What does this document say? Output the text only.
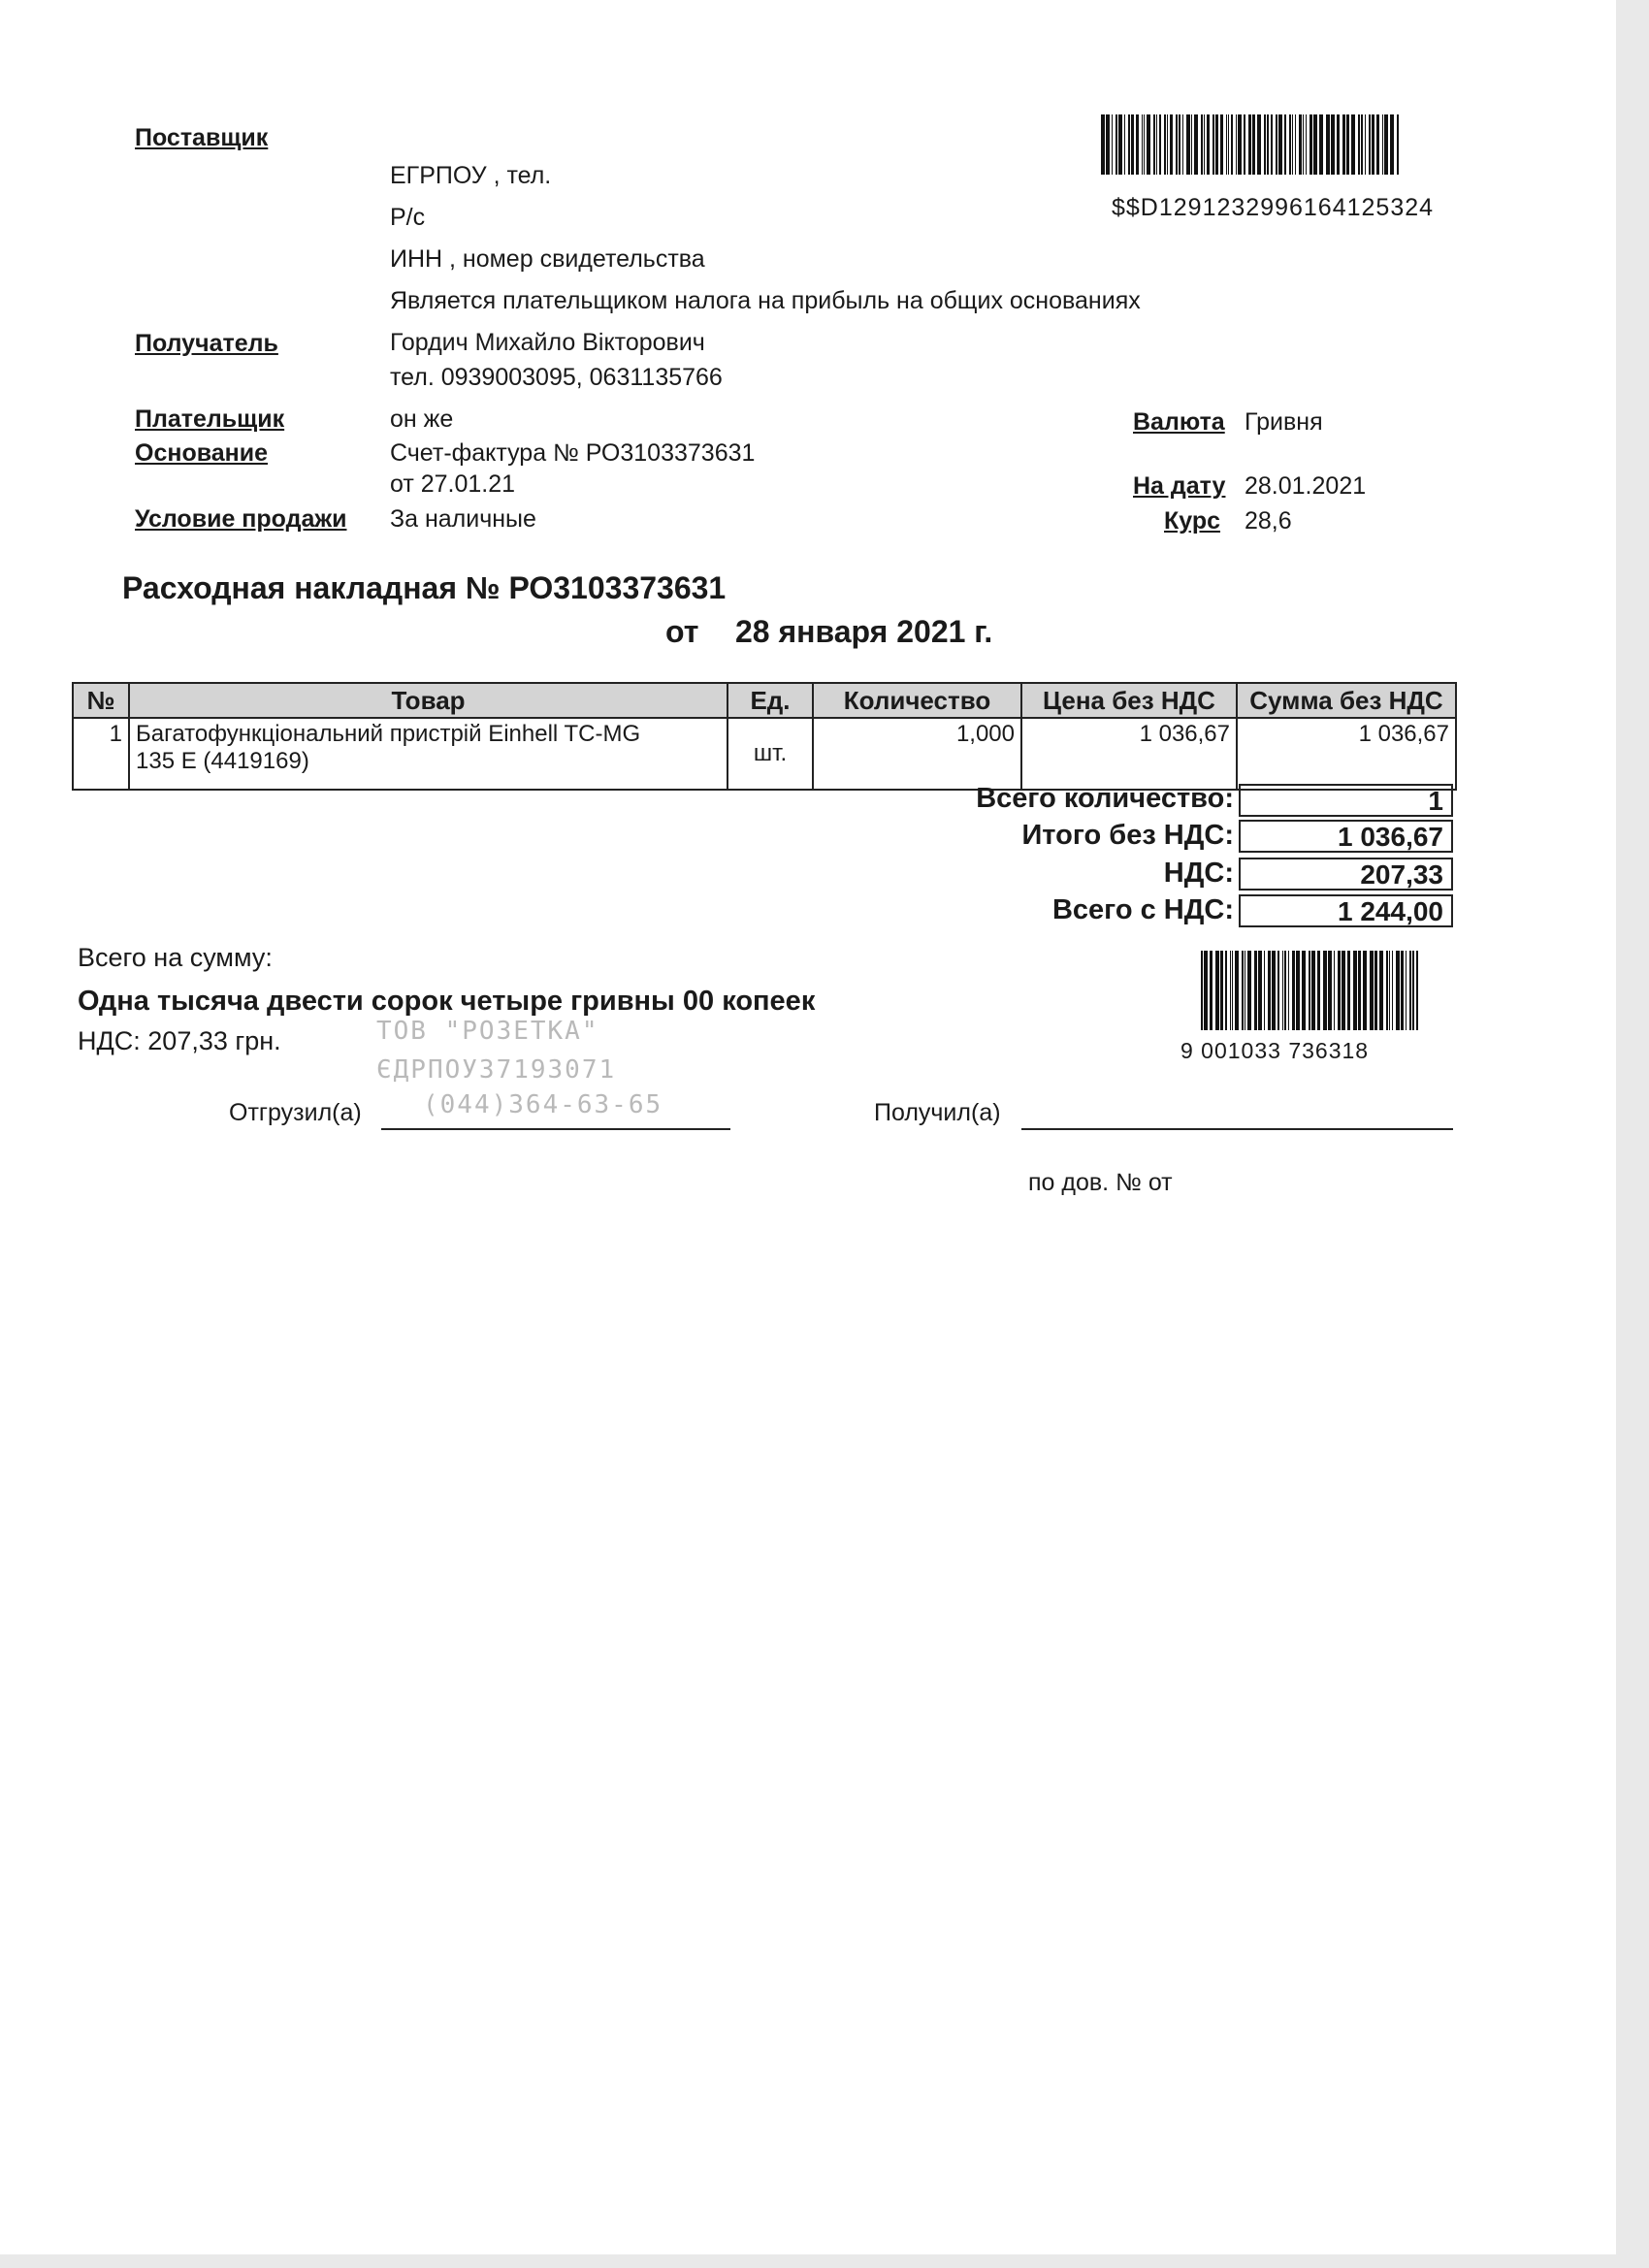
Поставщик
ЕГРПОУ , тел.
Р/с
ИНН , номер свидетельства
Является плательщиком налога на прибыль на общих основаниях
$$D1291232996164125324
Получатель	Гордич Михайло Вікторович
тел. 0939003095, 0631135766
Плательщик	он же
Основание	Счет-фактура № РО3103373631
от 27.01.21
Условие продажи За наличные
Валюта Гривня
На дату 28.01.2021
Курс 28,6
Расходная накладная № РО3103373631
от 28 января 2021 г.
№	Товар	Ед.	Количество	Цена без НДС	Сумма без НДС
1	Багатофункціональний пристрій Einhell TC-MG
135 E (4419169)	шт.	1,000	1 036,67	1 036,67
Всего количество:	1
Итого без НДС:	1 036,67
НДС:	207,33
Всего с НДС:	1 244,00
Всего на сумму:
Одна тысяча двести сорок четыре гривны 00 копеек
НДС: 207,33 грн.	9 001033 736318
ТОВ "РОЗЕТКА"
ЄДРПОУ37193071
(044)364-63-65
Отгрузил(а)	Получил(а)
по дов. № от
